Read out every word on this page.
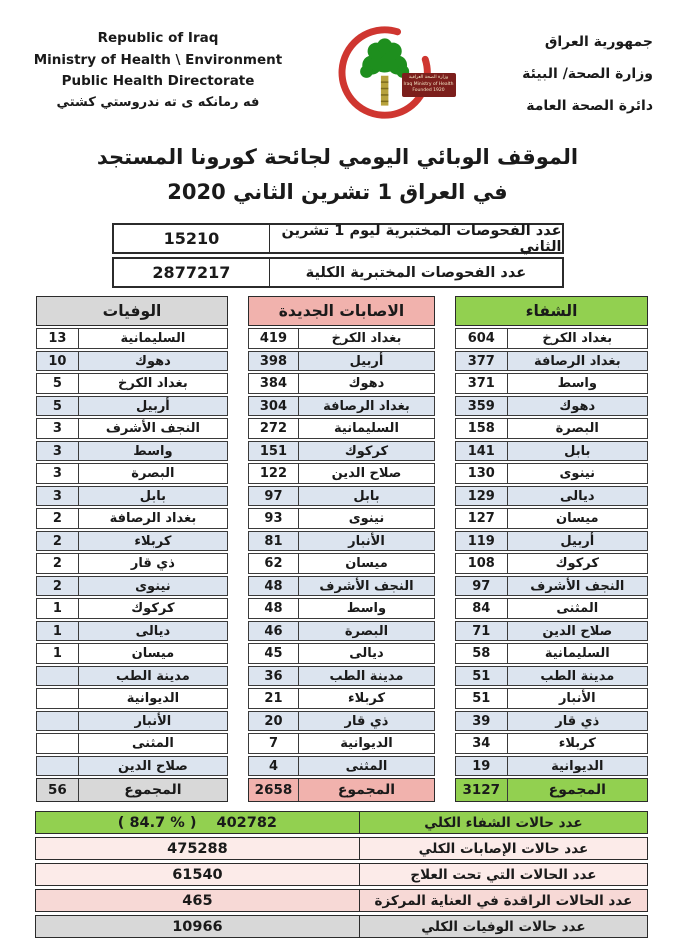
Republic of Iraq
Ministry of Health \ Environment
Public Health Directorate
فه رمانكه ى ته ندروستي كشتي
وزارة الصحة العراقية
Iraq Ministry of Health
Founded 1920
جمهورية العراق
وزارة الصحة/ البيئة
دائرة الصحة العامة
الموقف الوبائي اليومي لجائحة كورونا المستجد
في العراق 1 تشرين الثاني 2020
15210	عدد الفحوصات المختبرية ليوم 1 تشرين الثاني
2877217	عدد الفحوصات المختبرية الكلية
الوفيات
13	السليمانية
10	دهوك
5	بغداد الكرخ
5	أربيل
3	النجف الأشرف
3	واسط
3	البصرة
3	بابل
2	بغداد الرصافة
2	كربلاء
2	ذي قار
2	نينوى
1	كركوك
1	ديالى
1	ميسان
مدينة الطب
الديوانية
الأنبار
المثنى
صلاح الدين
56	المجموع
الاصابات الجديدة
419	بغداد الكرخ
398	أربيل
384	دهوك
304	بغداد الرصافة
272	السليمانية
151	كركوك
122	صلاح الدين
97	بابل
93	نينوى
81	الأنبار
62	ميسان
48	النجف الأشرف
48	واسط
46	البصرة
45	ديالى
36	مدينة الطب
21	كربلاء
20	ذي قار
7	الديوانية
4	المثنى
2658	المجموع
الشفاء
604	بغداد الكرخ
377	بغداد الرصافة
371	واسط
359	دهوك
158	البصرة
141	بابل
130	نينوى
129	ديالى
127	ميسان
119	أربيل
108	كركوك
97	النجف الأشرف
84	المثنى
71	صلاح الدين
58	السليمانية
51	مدينة الطب
51	الأنبار
39	ذي قار
34	كربلاء
19	الديوانية
3127	المجموع
( 84.7 % ) 402782	عدد حالات الشفاء الكلي
475288	عدد حالات الإصابات الكلي
61540	عدد الحالات التي تحت العلاج
465	عدد الحالات الراقدة في العناية المركزة
10966	عدد حالات الوفيات الكلي
